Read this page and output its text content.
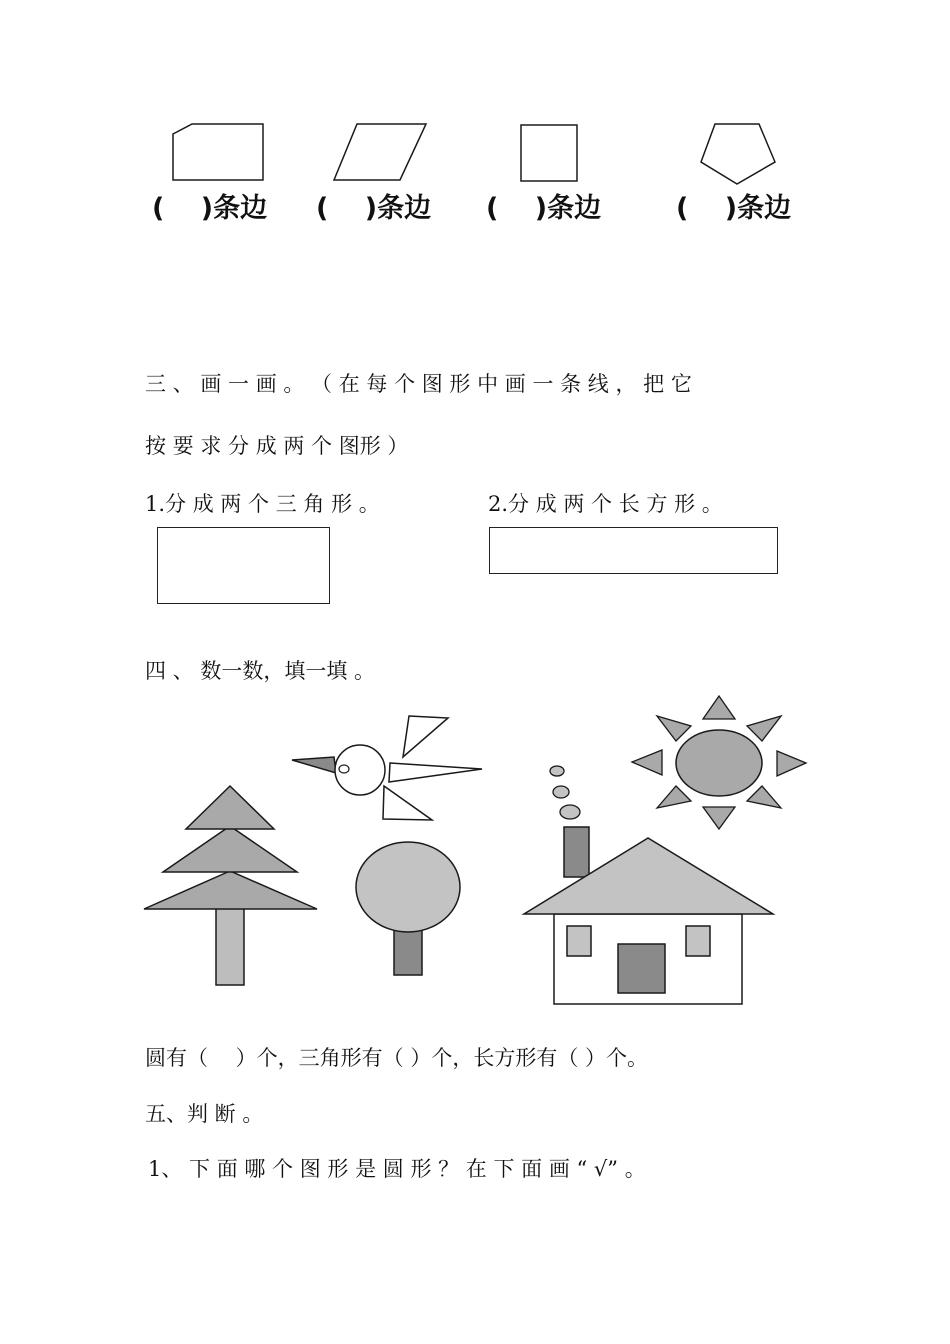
(　 )条边 (　 )条边 (　 )条边	(　 )条边
三 、 画 一 画 。 （ 在 每 个 图 形 中 画 一 条 线 ， 把 它
按 要 求 分 成 两 个 图形 ）
1.分 成 两 个 三 角 形 。	2.分 成 两 个 长 方 形 。
四 、 数一数，填一填 。
圆有（　 ）个，三角形有（ ）个，长方形有（ ）个。
五、判 断 。
1、 下 面 哪 个 图 形 是 圆 形 ？ 在 下 面 画 “ √” 。
